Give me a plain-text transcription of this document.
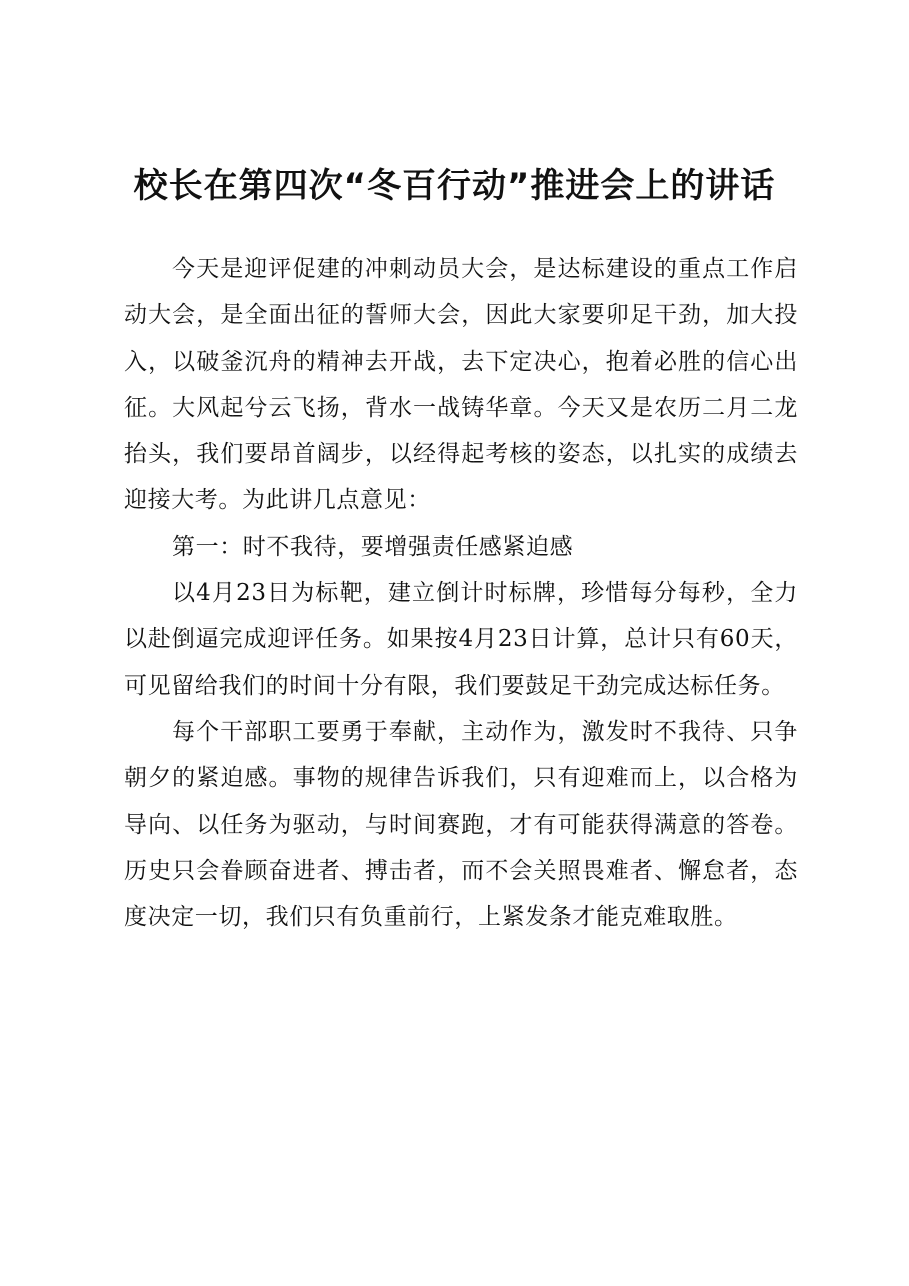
校长在第四次“冬百行动”推进会上的讲话

今天是迎评促建的冲刺动员大会，是达标建设的重点工作启动大会，是全面出征的誓师大会，因此大家要卯足干劲，加大投入，以破釜沉舟的精神去开战，去下定决心，抱着必胜的信心出征。大风起兮云飞扬，背水一战铸华章。今天又是农历二月二龙抬头，我们要昂首阔步，以经得起考核的姿态，以扎实的成绩去迎接大考。为此讲几点意见：

第一：时不我待，要增强责任感紧迫感

以4月23日为标靶，建立倒计时标牌，珍惜每分每秒，全力以赴倒逼完成迎评任务。如果按4月23日计算，总计只有60天，可见留给我们的时间十分有限，我们要鼓足干劲完成达标任务。

每个干部职工要勇于奉献，主动作为，激发时不我待、只争朝夕的紧迫感。事物的规律告诉我们，只有迎难而上，以合格为导向、以任务为驱动，与时间赛跑，才有可能获得满意的答卷。历史只会眷顾奋进者、搏击者，而不会关照畏难者、懈怠者，态度决定一切，我们只有负重前行，上紧发条才能克难取胜。
